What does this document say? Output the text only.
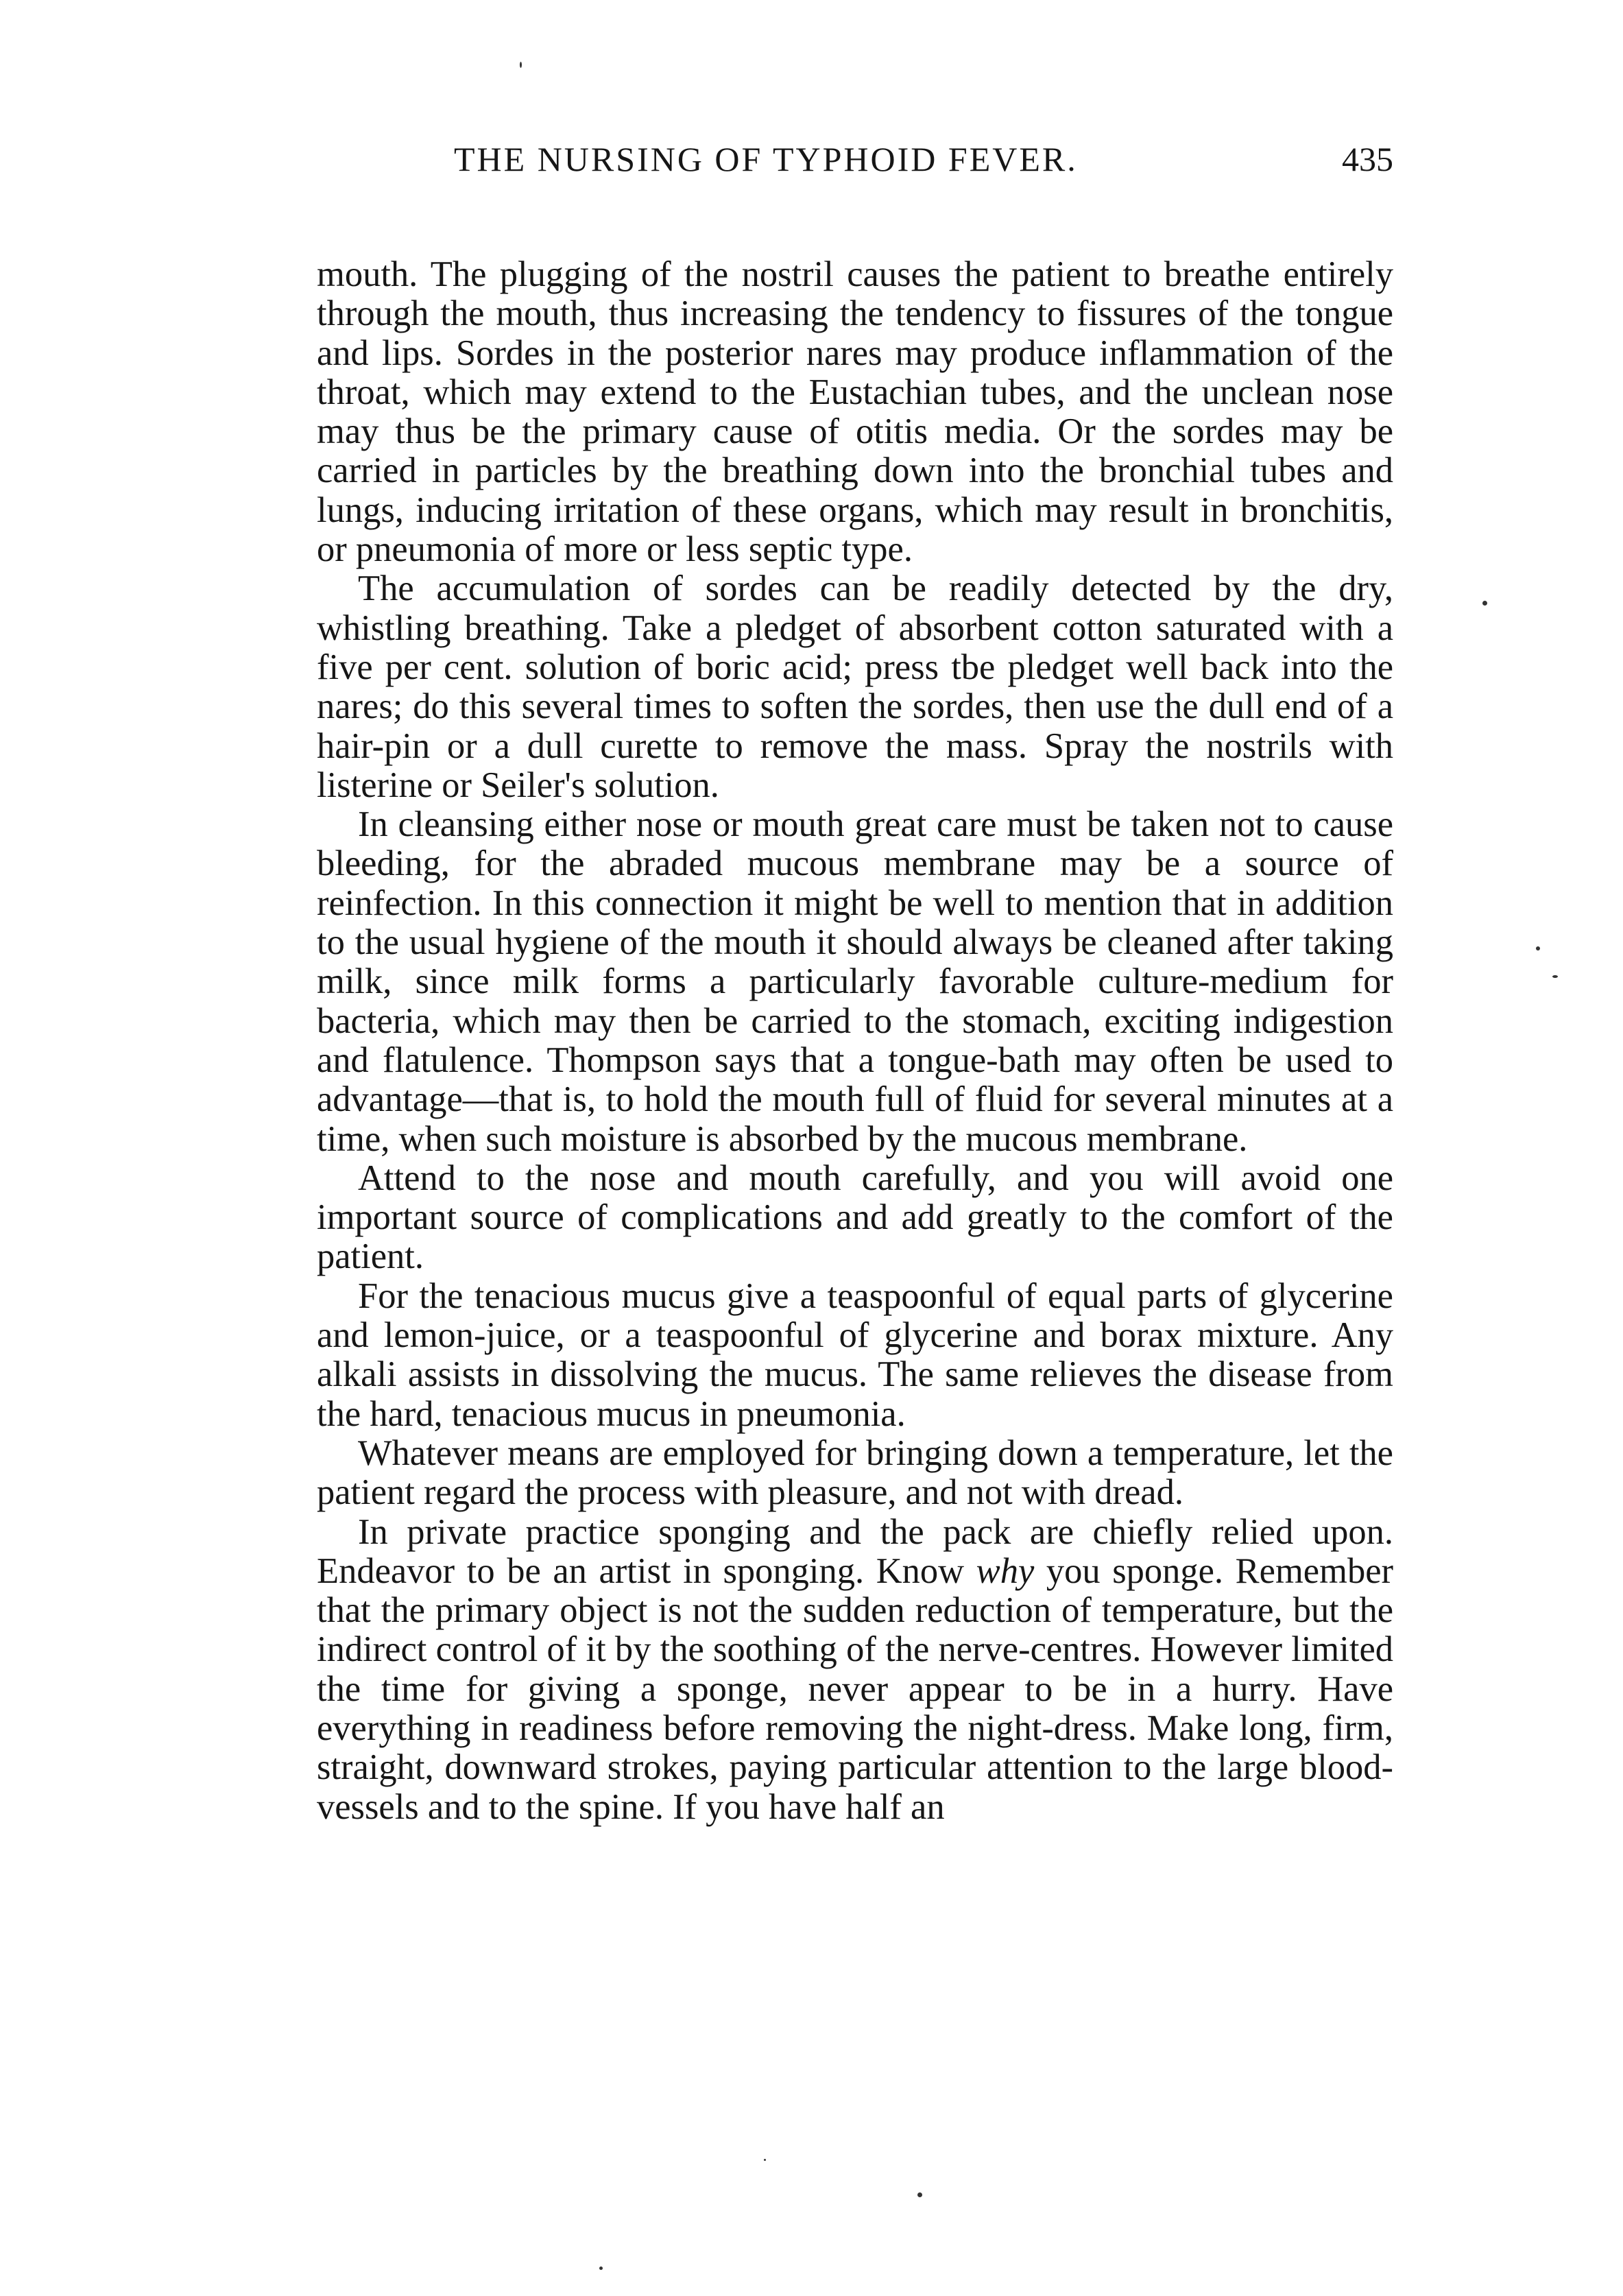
THE NURSING OF TYPHOID FEVER.	435

mouth. The plugging of the nostril causes the patient to breathe entirely through the mouth, thus increasing the tendency to fissures of the tongue and lips. Sordes in the posterior nares may produce inflammation of the throat, which may extend to the Eustachian tubes, and the unclean nose may thus be the primary cause of otitis media. Or the sordes may be carried in particles by the breathing down into the bronchial tubes and lungs, inducing irritation of these organs, which may result in bronchitis, or pneumonia of more or less septic type.

The accumulation of sordes can be readily detected by the dry, whistling breathing. Take a pledget of absorbent cotton saturated with a five per cent. solution of boric acid; press tbe pledget well back into the nares; do this several times to soften the sordes, then use the dull end of a hair-pin or a dull curette to remove the mass. Spray the nostrils with listerine or Seiler's solution.

In cleansing either nose or mouth great care must be taken not to cause bleeding, for the abraded mucous membrane may be a source of reinfection. In this connection it might be well to mention that in addition to the usual hygiene of the mouth it should always be cleaned after taking milk, since milk forms a particularly favorable culture-medium for bacteria, which may then be carried to the stomach, exciting indigestion and flatulence. Thompson says that a tongue-bath may often be used to advantage—that is, to hold the mouth full of fluid for several minutes at a time, when such moisture is absorbed by the mucous membrane.

Attend to the nose and mouth carefully, and you will avoid one important source of complications and add greatly to the comfort of the patient.

For the tenacious mucus give a teaspoonful of equal parts of glycerine and lemon-juice, or a teaspoonful of glycerine and borax mixture. Any alkali assists in dissolving the mucus. The same relieves the disease from the hard, tenacious mucus in pneumonia.

Whatever means are employed for bringing down a temperature, let the patient regard the process with pleasure, and not with dread.

In private practice sponging and the pack are chiefly relied upon. Endeavor to be an artist in sponging. Know why you sponge. Remember that the primary object is not the sudden reduction of temperature, but the indirect control of it by the soothing of the nerve-centres. However limited the time for giving a sponge, never appear to be in a hurry. Have everything in readiness before removing the night-dress. Make long, firm, straight, downward strokes, paying particular attention to the large blood-vessels and to the spine. If you have half an
